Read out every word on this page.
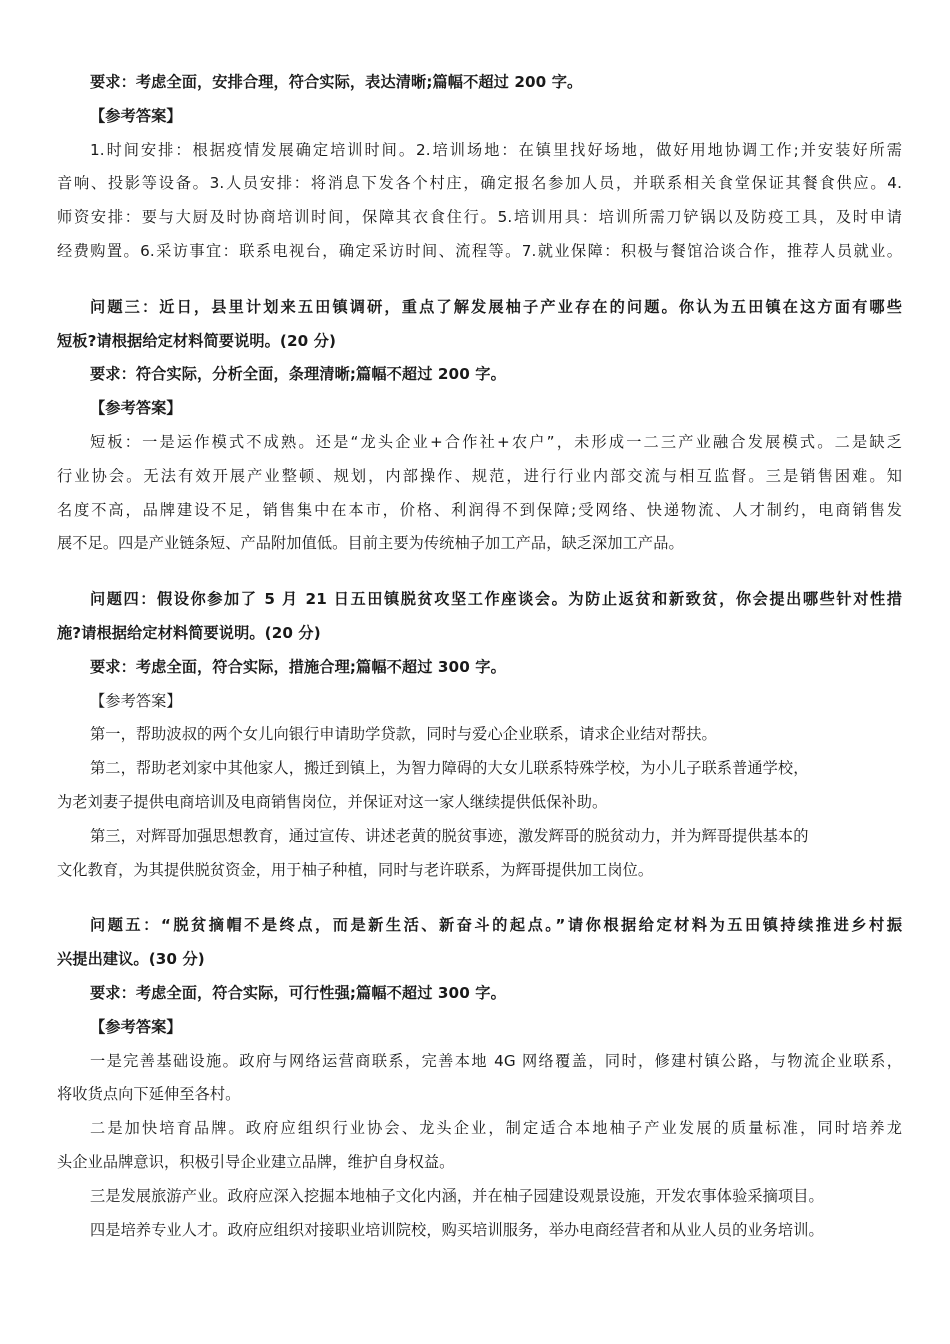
要求：考虑全面，安排合理，符合实际，表达清晰;篇幅不超过 200 字。
【参考答案】
1.时间安排：根据疫情发展确定培训时间。2.培训场地：在镇里找好场地，做好用地协调工作;并安装好所需
音响、投影等设备。3.人员安排：将消息下发各个村庄，确定报名参加人员，并联系相关食堂保证其餐食供应。4.
师资安排：要与大厨及时协商培训时间，保障其衣食住行。5.培训用具：培训所需刀铲锅以及防疫工具，及时申请
经费购置。6.采访事宜：联系电视台，确定采访时间、流程等。7.就业保障：积极与餐馆洽谈合作，推荐人员就业。
问题三：近日，县里计划来五田镇调研，重点了解发展柚子产业存在的问题。你认为五田镇在这方面有哪些
短板?请根据给定材料简要说明。(20 分)
要求：符合实际，分析全面，条理清晰;篇幅不超过 200 字。
【参考答案】
短板：一是运作模式不成熟。还是“龙头企业+合作社+农户”，未形成一二三产业融合发展模式。二是缺乏
行业协会。无法有效开展产业整顿、规划，内部操作、规范，进行行业内部交流与相互监督。三是销售困难。知
名度不高，品牌建设不足，销售集中在本市，价格、利润得不到保障;受网络、快递物流、人才制约，电商销售发
展不足。四是产业链条短、产品附加值低。目前主要为传统柚子加工产品，缺乏深加工产品。
问题四：假设你参加了 5 月 21 日五田镇脱贫攻坚工作座谈会。为防止返贫和新致贫，你会提出哪些针对性措
施?请根据给定材料简要说明。(20 分)
要求：考虑全面，符合实际，措施合理;篇幅不超过 300 字。
【参考答案】
第一，帮助波叔的两个女儿向银行申请助学贷款，同时与爱心企业联系，请求企业结对帮扶。
第二，帮助老刘家中其他家人，搬迁到镇上，为智力障碍的大女儿联系特殊学校，为小儿子联系普通学校，
为老刘妻子提供电商培训及电商销售岗位，并保证对这一家人继续提供低保补助。
第三，对辉哥加强思想教育，通过宣传、讲述老黄的脱贫事迹，激发辉哥的脱贫动力，并为辉哥提供基本的
文化教育，为其提供脱贫资金，用于柚子种植，同时与老许联系，为辉哥提供加工岗位。
问题五：“脱贫摘帽不是终点，而是新生活、新奋斗的起点。”请你根据给定材料为五田镇持续推进乡村振
兴提出建议。(30 分)
要求：考虑全面，符合实际，可行性强;篇幅不超过 300 字。
【参考答案】
一是完善基础设施。政府与网络运营商联系，完善本地 4G 网络覆盖，同时，修建村镇公路，与物流企业联系，
将收货点向下延伸至各村。
二是加快培育品牌。政府应组织行业协会、龙头企业，制定适合本地柚子产业发展的质量标准，同时培养龙
头企业品牌意识，积极引导企业建立品牌，维护自身权益。
三是发展旅游产业。政府应深入挖掘本地柚子文化内涵，并在柚子园建设观景设施，开发农事体验采摘项目。
四是培养专业人才。政府应组织对接职业培训院校，购买培训服务，举办电商经营者和从业人员的业务培训。
